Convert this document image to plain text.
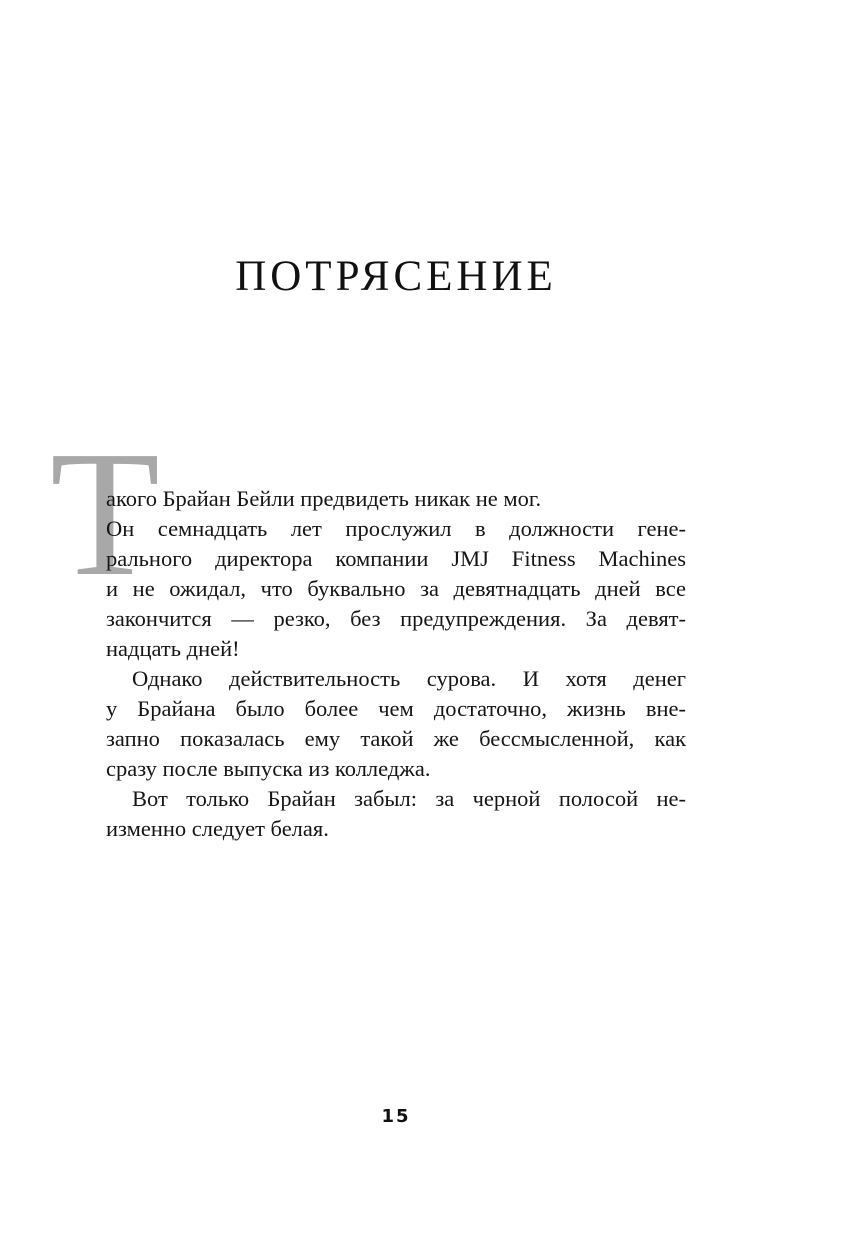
ПОТРЯСЕНИЕ
Т

акого Брайан Бейли предвидеть никак не мог.

Он семнадцать лет прослужил в должности гене-

рального директора компании JMJ Fitness Machines

и не ожидал, что буквально за девятнадцать дней все

закончится — резко, без предупреждения. За девят-

надцать дней!

Однако действительность сурова. И хотя денег

у Брайана было более чем достаточно, жизнь вне-

запно показалась ему такой же бессмысленной, как

сразу после выпуска из колледжа.

Вот только Брайан забыл: за черной полосой не-

изменно следует белая.

15
